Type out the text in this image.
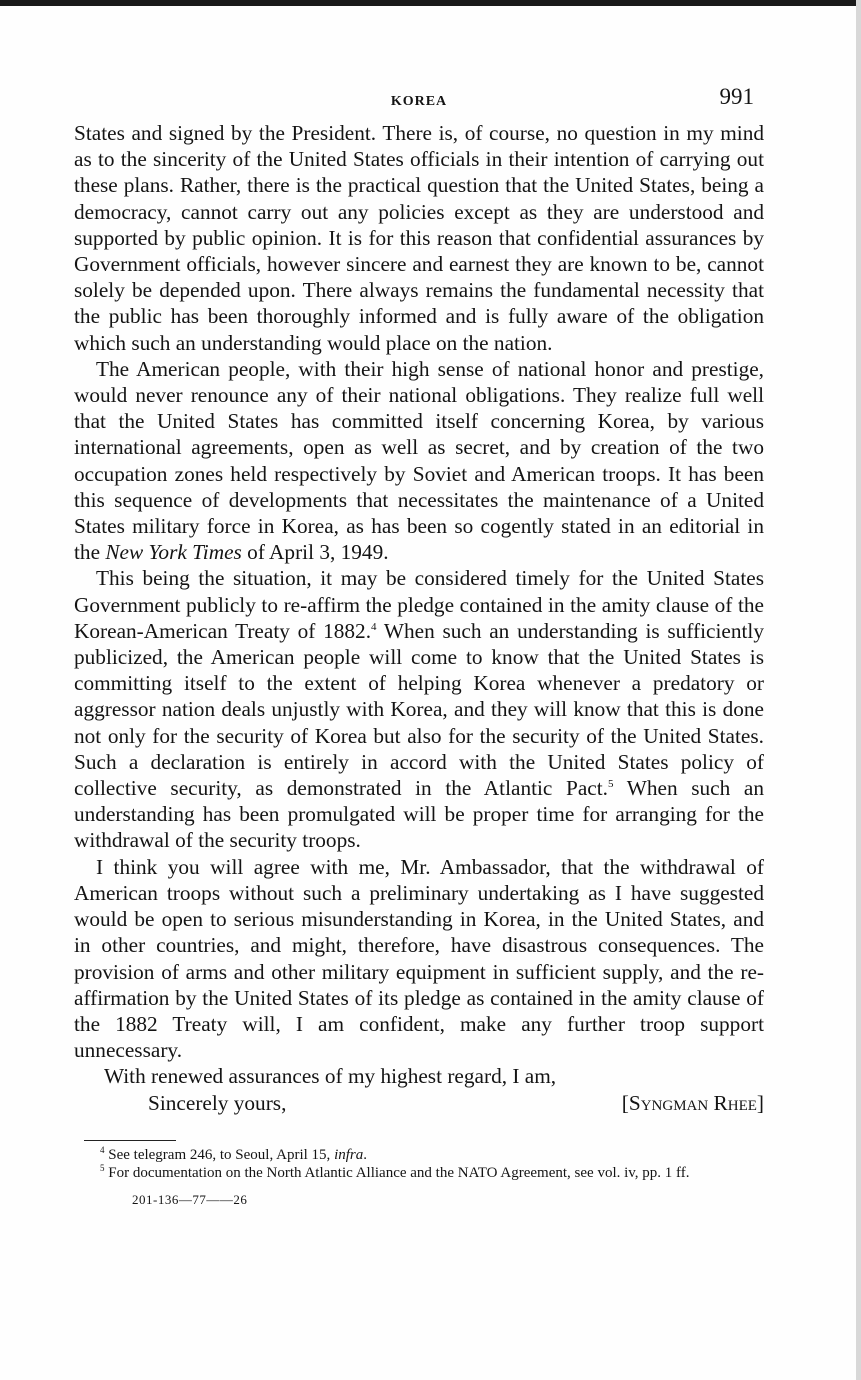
KOREA	991

States and signed by the President. There is, of course, no question in my mind as to the sincerity of the United States officials in their intention of carrying out these plans. Rather, there is the practical question that the United States, being a democracy, cannot carry out any policies except as they are understood and supported by public opinion. It is for this reason that confidential assurances by Government officials, however sincere and earnest they are known to be, cannot solely be depended upon. There always remains the fundamental necessity that the public has been thoroughly informed and is fully aware of the obligation which such an understanding would place on the nation.

The American people, with their high sense of national honor and prestige, would never renounce any of their national obligations. They realize full well that the United States has committed itself concerning Korea, by various international agreements, open as well as secret, and by creation of the two occupation zones held respectively by Soviet and American troops. It has been this sequence of developments that necessitates the maintenance of a United States military force in Korea, as has been so cogently stated in an editorial in the New York Times of April 3, 1949.

This being the situation, it may be considered timely for the United States Government publicly to re-affirm the pledge contained in the amity clause of the Korean-American Treaty of 1882.$^4$ When such an understanding is sufficiently publicized, the American people will come to know that the United States is committing itself to the extent of helping Korea whenever a predatory or aggressor nation deals unjustly with Korea, and they will know that this is done not only for the security of Korea but also for the security of the United States. Such a declaration is entirely in accord with the United States policy of collective security, as demonstrated in the Atlantic Pact.$^5$ When such an understanding has been promulgated will be proper time for arranging for the withdrawal of the security troops.

I think you will agree with me, Mr. Ambassador, that the withdrawal of American troops without such a preliminary undertaking as I have suggested would be open to serious misunderstanding in Korea, in the United States, and in other countries, and might, therefore, have disastrous consequences. The provision of arms and other military equipment in sufficient supply, and the re-affirmation by the United States of its pledge as contained in the amity clause of the 1882 Treaty will, I am confident, make any further troop support unnecessary.

With renewed assurances of my highest regard, I am,
Sincerely yours,	[Syngman Rhee]

$^4$ See telegram 246, to Seoul, April 15, infra.

$^5$ For documentation on the North Atlantic Alliance and the NATO Agreement, see vol. iv, pp. 1 ff.

201-136—77——26
